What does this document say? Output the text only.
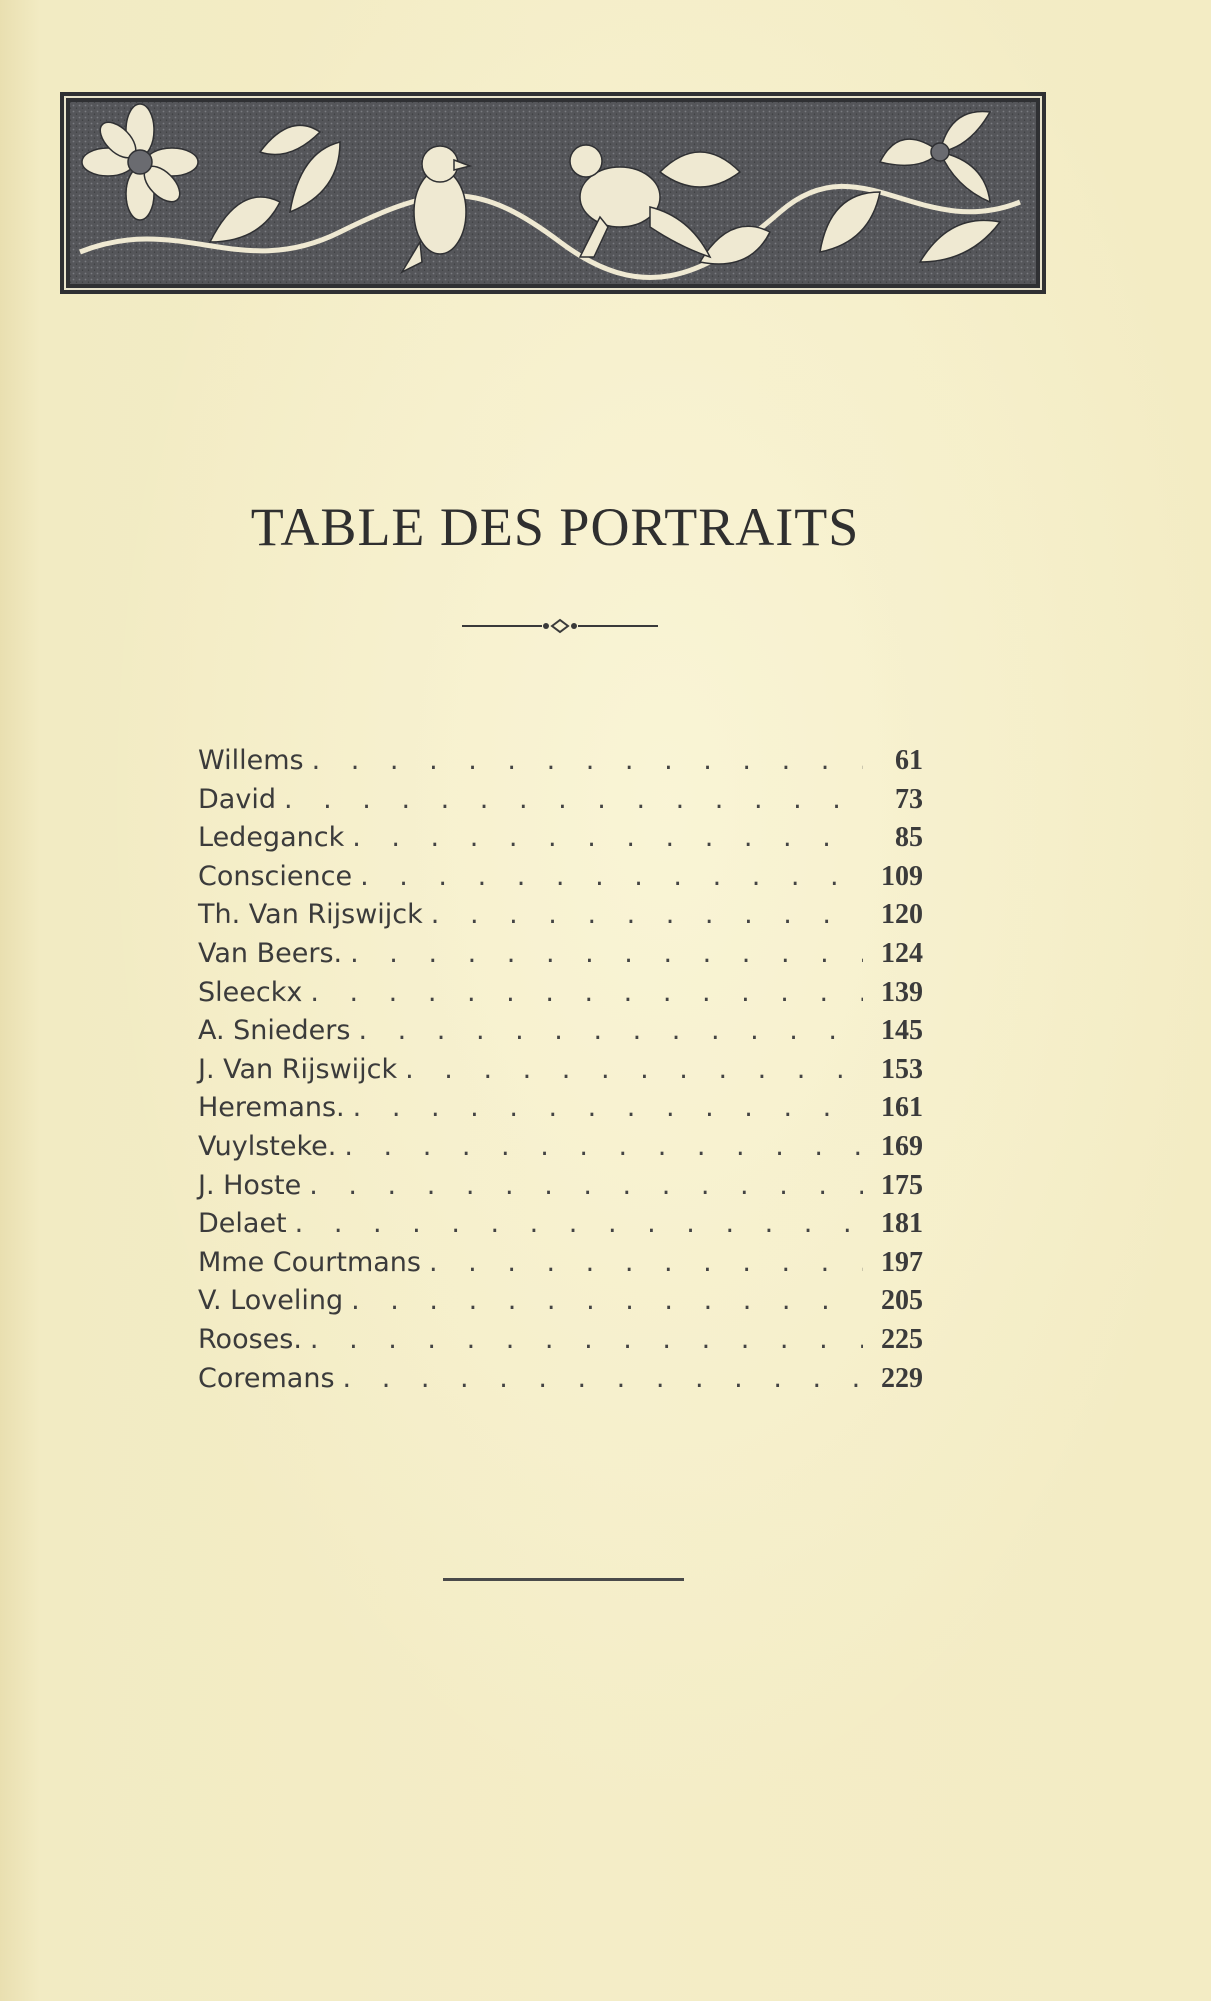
TABLE DES PORTRAITS
Willems . . .	61
David . . .	73
Ledeganck . . .	85
Conscience . . .	109
Th. Van Rijswijck . . .	120
Van Beers. . . .	124
Sleeckx . . .	139
A. Snieders . . .	145
J. Van Rijswijck . . .	153
Heremans. . . .	161
Vuylsteke. . . .	169
J. Hoste . . .	175
Delaet . . .	181
Mme Courtmans . . .	197
V. Loveling . . .	205
Rooses. . . .	225
Coremans . . .	229
